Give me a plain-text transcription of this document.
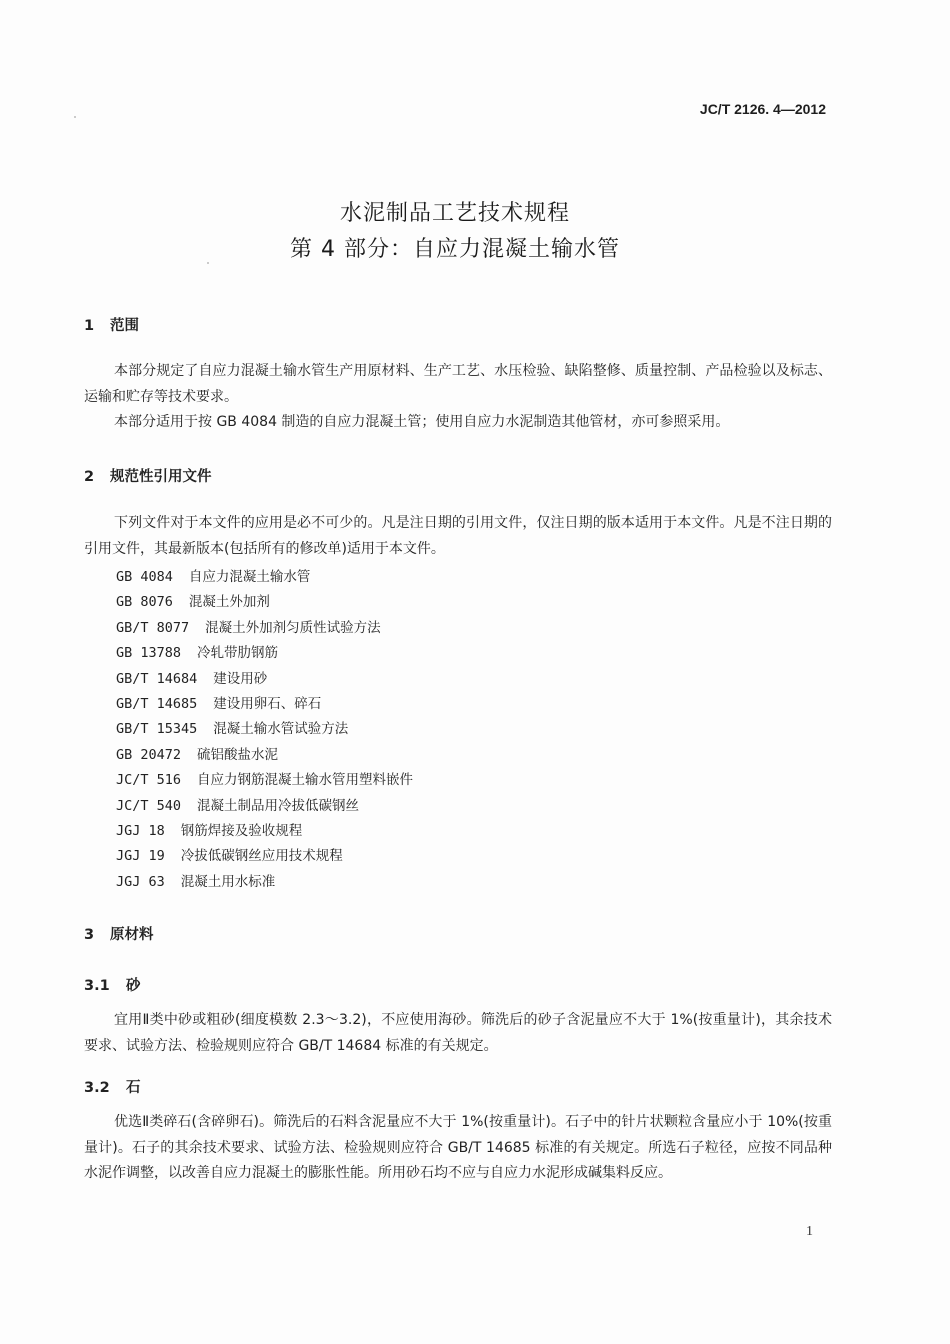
JC/T 2126. 4—2012
水泥制品工艺技术规程
第 4 部分：自应力混凝土输水管
1 范围

本部分规定了自应力混凝土输水管生产用原材料、生产工艺、水压检验、缺陷整修、质量控制、产品检验以及标志、运输和贮存等技术要求。

本部分适用于按 GB 4084 制造的自应力混凝土管；使用自应力水泥制造其他管材，亦可参照采用。

2 规范性引用文件

下列文件对于本文件的应用是必不可少的。凡是注日期的引用文件，仅注日期的版本适用于本文件。凡是不注日期的引用文件，其最新版本(包括所有的修改单)适用于本文件。

GB 4084 自应力混凝土输水管
GB 8076 混凝土外加剂
GB/T 8077 混凝土外加剂匀质性试验方法
GB 13788 冷轧带肋钢筋
GB/T 14684 建设用砂
GB/T 14685 建设用卵石、碎石
GB/T 15345 混凝土输水管试验方法
GB 20472 硫铝酸盐水泥
JC/T 516 自应力钢筋混凝土输水管用塑料嵌件
JC/T 540 混凝土制品用冷拔低碳钢丝
JGJ 18 钢筋焊接及验收规程
JGJ 19 冷拔低碳钢丝应用技术规程
JGJ 63 混凝土用水标准
3 原材料
3.1 砂

宜用Ⅱ类中砂或粗砂(细度模数 2.3～3.2)，不应使用海砂。筛洗后的砂子含泥量应不大于 1%(按重量计)，其余技术要求、试验方法、检验规则应符合 GB/T 14684 标准的有关规定。

3.2 石

优选Ⅱ类碎石(含碎卵石)。筛洗后的石料含泥量应不大于 1%(按重量计)。石子中的针片状颗粒含量应小于 10%(按重量计)。石子的其余技术要求、试验方法、检验规则应符合 GB/T 14685 标准的有关规定。所选石子粒径，应按不同品种水泥作调整，以改善自应力混凝土的膨胀性能。所用砂石均不应与自应力水泥形成碱集料反应。

1
